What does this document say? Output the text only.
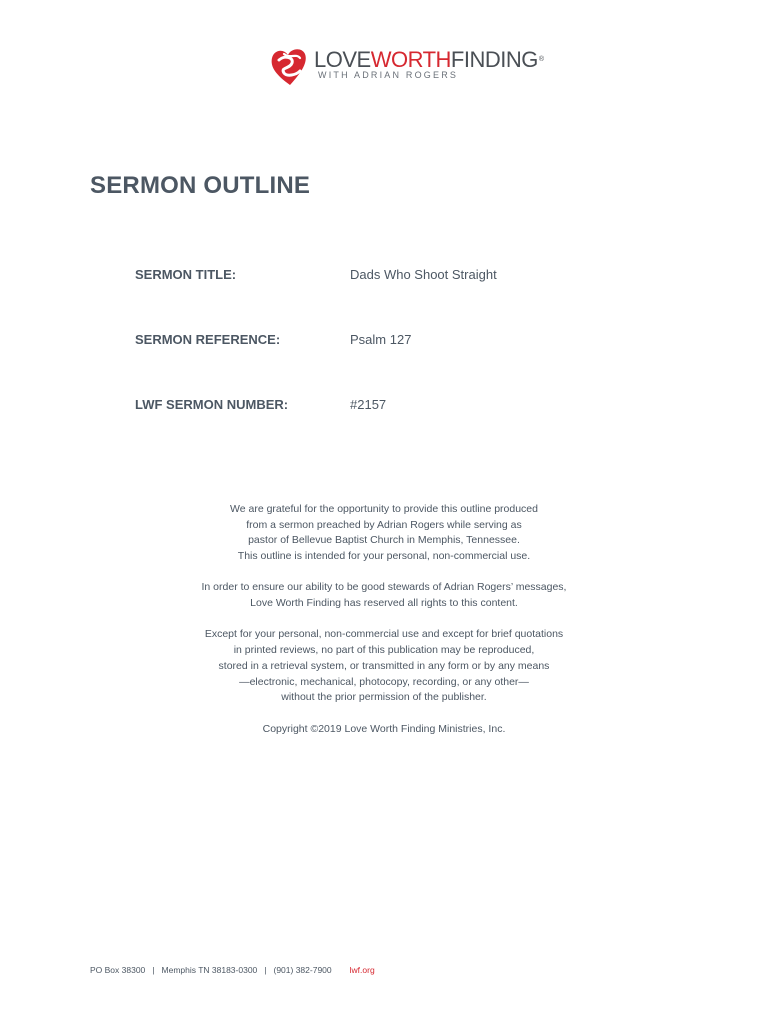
LOVEWORTHFINDING®
WITH ADRIAN ROGERS
SERMON OUTLINE
SERMON TITLE:	Dads Who Shoot Straight
SERMON REFERENCE:	Psalm 127
LWF SERMON NUMBER:	#2157

We are grateful for the opportunity to provide this outline produced
from a sermon preached by Adrian Rogers while serving as
pastor of Bellevue Baptist Church in Memphis, Tennessee.
This outline is intended for your personal, non-commercial use.

In order to ensure our ability to be good stewards of Adrian Rogers’ messages,
Love Worth Finding has reserved all rights to this content.

Except for your personal, non-commercial use and except for brief quotations
in printed reviews, no part of this publication may be reproduced,
stored in a retrieval system, or transmitted in any form or by any means
—electronic, mechanical, photocopy, recording, or any other—
without the prior permission of the publisher.

Copyright ©2019 Love Worth Finding Ministries, Inc.

PO Box 38300 | Memphis TN 38183-0300 | (901) 382-7900 lwf.org
